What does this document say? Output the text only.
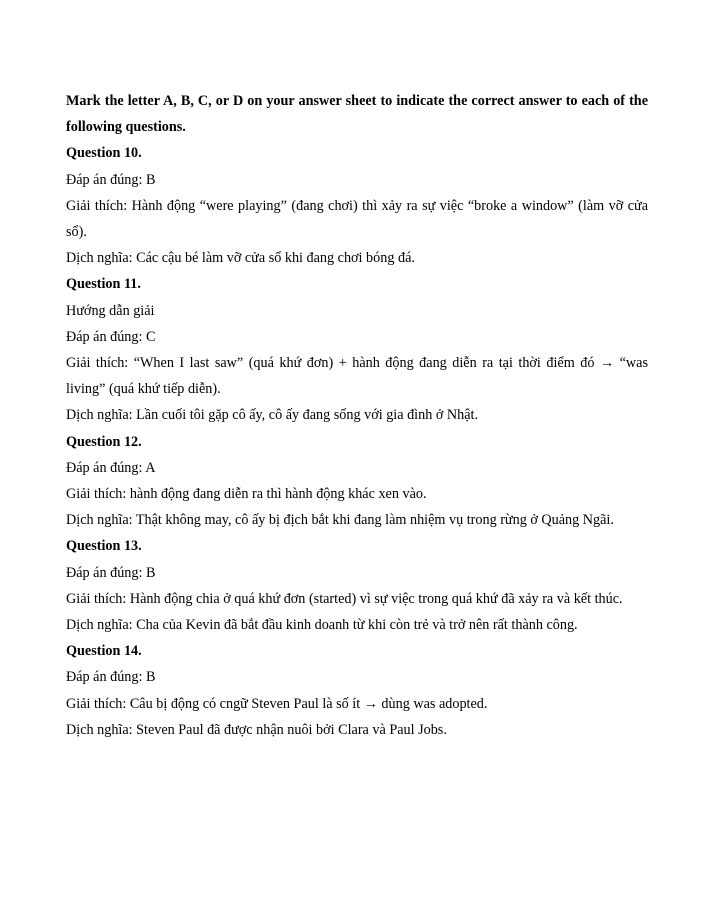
Mark the letter A, B, C, or D on your answer sheet to indicate the correct answer to each of the following questions.

Question 10.

Đáp án đúng: B

Giải thích: Hành động “were playing” (đang chơi) thì xảy ra sự việc “broke a window” (làm vỡ cửa sổ).

Dịch nghĩa: Các cậu bé làm vỡ cửa sổ khi đang chơi bóng đá.

Question 11.

Hướng dẫn giải

Đáp án đúng: C

Giải thích: “When I last saw” (quá khứ đơn) + hành động đang diễn ra tại thời điểm đó → “was living” (quá khứ tiếp diễn).

Dịch nghĩa: Lần cuối tôi gặp cô ấy, cô ấy đang sống với gia đình ở Nhật.

Question 12.

Đáp án đúng: A

Giải thích: hành động đang diễn ra thì hành động khác xen vào.

Dịch nghĩa: Thật không may, cô ấy bị địch bắt khi đang làm nhiệm vụ trong rừng ở Quảng Ngãi.

Question 13.

Đáp án đúng: B

Giải thích: Hành động chia ở quá khứ đơn (started) vì sự việc trong quá khứ đã xảy ra và kết thúc.

Dịch nghĩa: Cha của Kevin đã bắt đầu kinh doanh từ khi còn trẻ và trở nên rất thành công.

Question 14.

Đáp án đúng: B

Giải thích: Câu bị động có cngữ Steven Paul là số ít → dùng was adopted.

Dịch nghĩa: Steven Paul đã được nhận nuôi bởi Clara và Paul Jobs.
